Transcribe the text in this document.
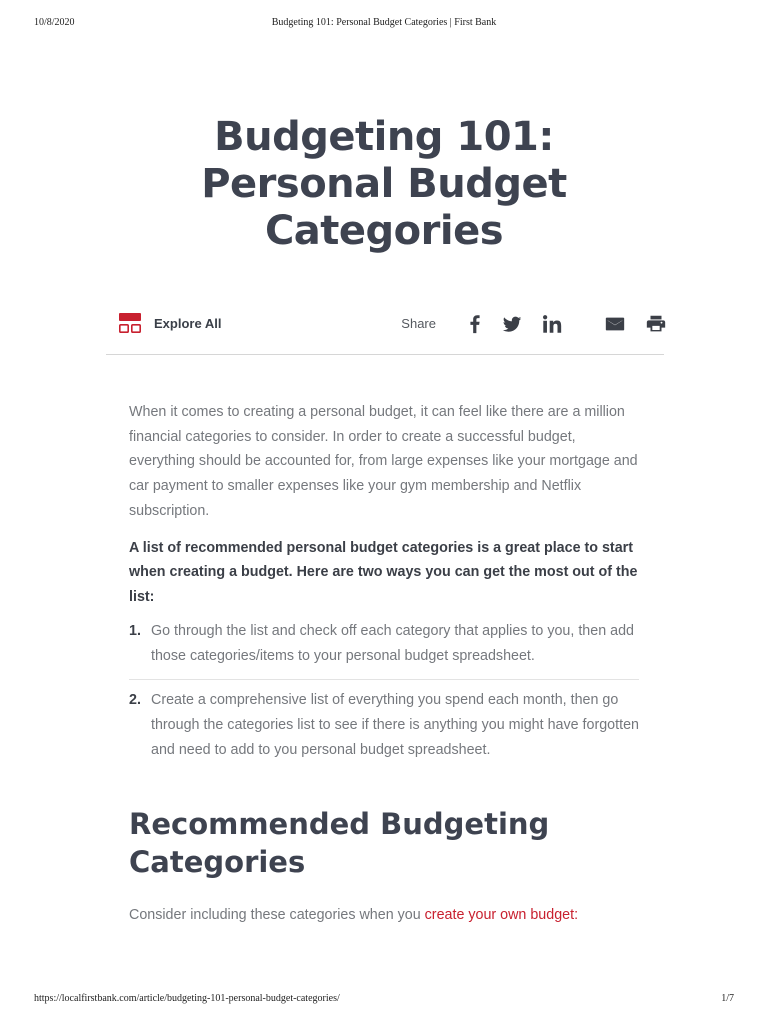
10/8/2020	Budgeting 101: Personal Budget Categories | First Bank
Budgeting 101: Personal Budget Categories
Explore All	Share

When it comes to creating a personal budget, it can feel like there are a million financial categories to consider. In order to create a successful budget, everything should be accounted for, from large expenses like your mortgage and car payment to smaller expenses like your gym membership and Netflix subscription.

A list of recommended personal budget categories is a great place to start when creating a budget. Here are two ways you can get the most out of the list:

1. Go through the list and check off each category that applies to you, then add those categories/items to your personal budget spreadsheet.
2. Create a comprehensive list of everything you spend each month, then go through the categories list to see if there is anything you might have forgotten and need to add to you personal budget spreadsheet.
Recommended Budgeting Categories

Consider including these categories when you create your own budget:

https://localfirstbank.com/article/budgeting-101-personal-budget-categories/	1/7
